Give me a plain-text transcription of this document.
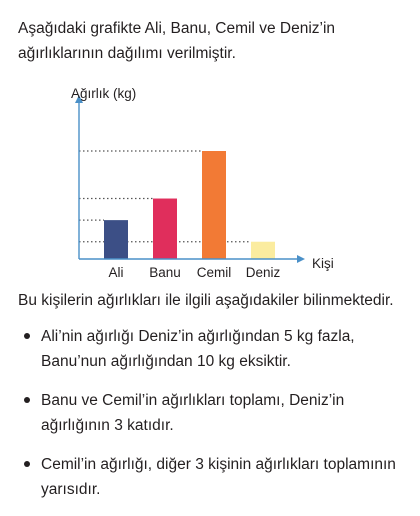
Aşağıdaki grafikte Ali, Banu, Cemil ve Deniz’in ağırlıklarının dağılımı verilmiştir.

Ali Banu Cemil Deniz
Ağırlık (kg)
Kişi

Bu kişilerin ağırlıkları ile ilgili aşağıdakiler bilinmektedir.

Ali’nin ağırlığı Deniz’in ağırlığından 5 kg fazla, Banu’nun ağırlığından 10 kg eksiktir.
Banu ve Cemil’in ağırlıkları toplamı, Deniz’in ağırlığının 3 katıdır.
Cemil’in ağırlığı, diğer 3 kişinin ağırlıkları toplamının yarısıdır.
